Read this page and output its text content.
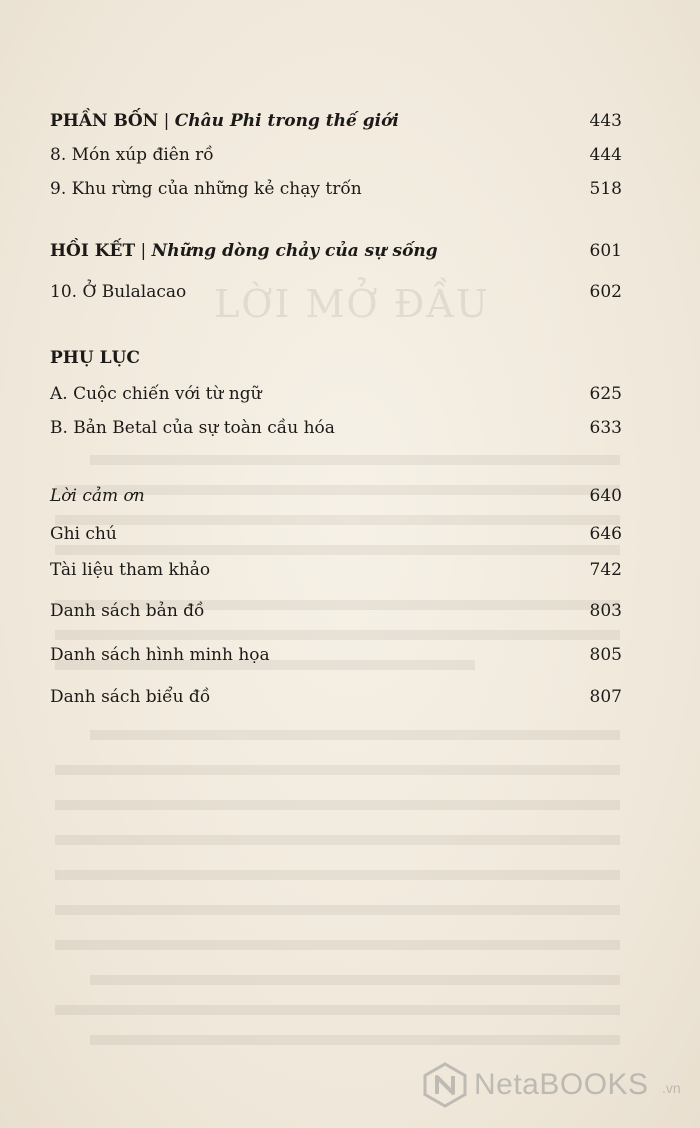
LỜI MỞ ĐẦU
PHẦN BỐN | Châu Phi trong thế giới	443
8. Món xúp điên rồ	444
9. Khu rừng của những kẻ chạy trốn	518
HỒI KẾT | Những dòng chảy của sự sống	601
10. Ở Bulalacao	602
PHỤ LỤC
A. Cuộc chiến với từ ngữ	625
B. Bản Betal của sự toàn cầu hóa	633
Lời cảm ơn	640
Ghi chú	646
Tài liệu tham khảo	742
Danh sách bản đồ	803
Danh sách hình minh họa	805
Danh sách biểu đồ	807
NetaBOOKS .vn
